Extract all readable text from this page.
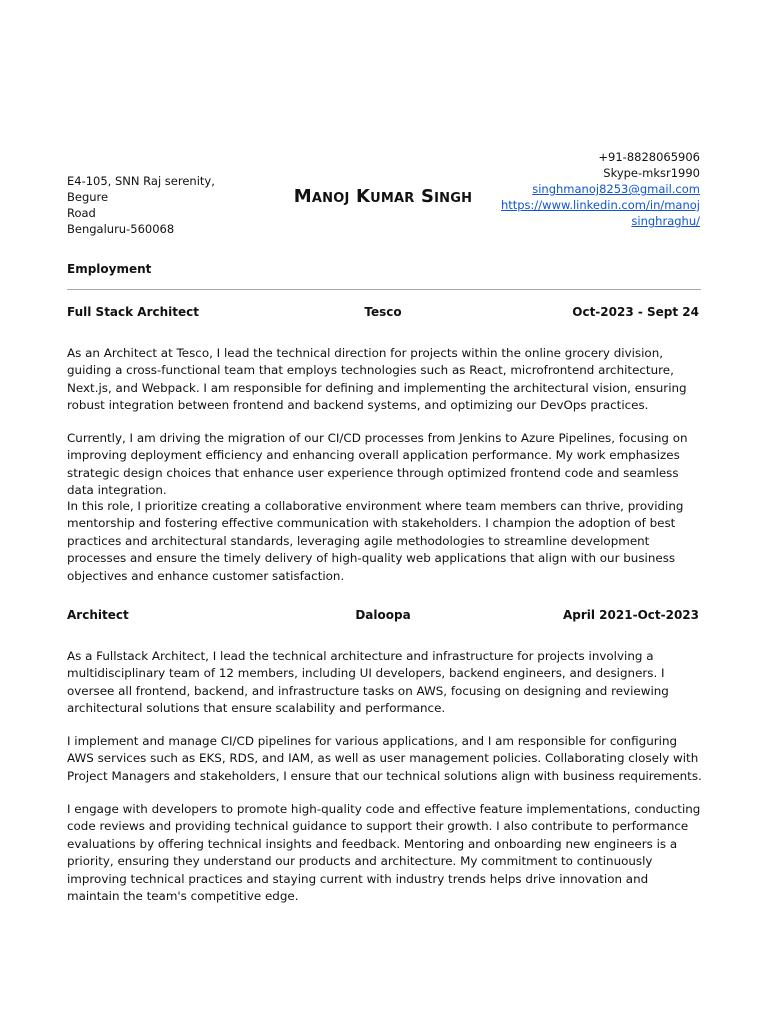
E4-105, SNN Raj serenity, Begure
Road
Bengaluru-560068
Manoj Kumar Singh
+91-8828065906
Skype-mksr1990
singhmanoj8253@gmail.com
https://www.linkedin.com/in/manoj
singhraghu/
Employment
Full Stack Architect	Tesco	Oct-2023 - Sept 24

As an Architect at Tesco, I lead the technical direction for projects within the online grocery division, guiding a cross-functional team that employs technologies such as React, microfrontend architecture, Next.js, and Webpack. I am responsible for defining and implementing the architectural vision, ensuring robust integration between frontend and backend systems, and optimizing our DevOps practices.

Currently, I am driving the migration of our CI/CD processes from Jenkins to Azure Pipelines, focusing on improving deployment efficiency and enhancing overall application performance. My work emphasizes strategic design choices that enhance user experience through optimized frontend code and seamless data integration.

In this role, I prioritize creating a collaborative environment where team members can thrive, providing mentorship and fostering effective communication with stakeholders. I champion the adoption of best practices and architectural standards, leveraging agile methodologies to streamline development processes and ensure the timely delivery of high-quality web applications that align with our business objectives and enhance customer satisfaction.

Architect	Daloopa	April 2021-Oct-2023

As a Fullstack Architect, I lead the technical architecture and infrastructure for projects involving a multidisciplinary team of 12 members, including UI developers, backend engineers, and designers. I oversee all frontend, backend, and infrastructure tasks on AWS, focusing on designing and reviewing architectural solutions that ensure scalability and performance.

I implement and manage CI/CD pipelines for various applications, and I am responsible for configuring AWS services such as EKS, RDS, and IAM, as well as user management policies. Collaborating closely with Project Managers and stakeholders, I ensure that our technical solutions align with business requirements.

I engage with developers to promote high-quality code and effective feature implementations, conducting code reviews and providing technical guidance to support their growth. I also contribute to performance evaluations by offering technical insights and feedback. Mentoring and onboarding new engineers is a priority, ensuring they understand our products and architecture. My commitment to continuously improving technical practices and staying current with industry trends helps drive innovation and maintain the team's competitive edge.
